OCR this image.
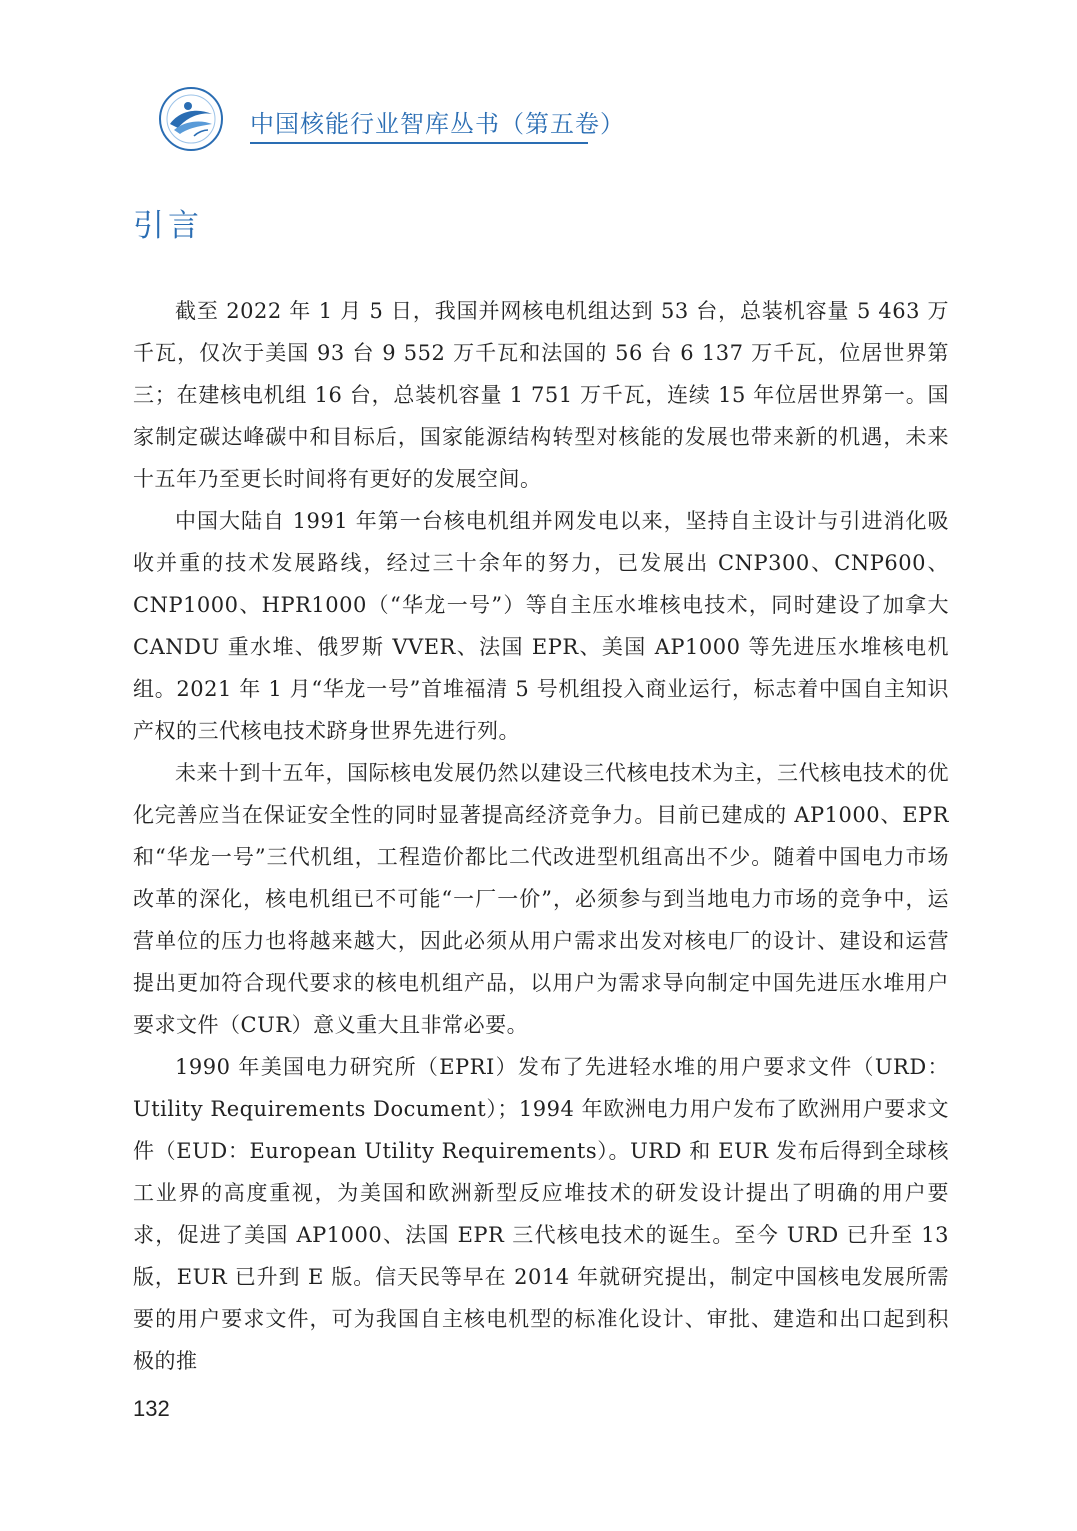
中国核能行业智库丛书（第五卷）
引言

截至 2022 年 1 月 5 日，我国并网核电机组达到 53 台，总装机容量 5 463 万千瓦，仅次于美国 93 台 9 552 万千瓦和法国的 56 台 6 137 万千瓦，位居世界第三；在建核电机组 16 台，总装机容量 1 751 万千瓦，连续 15 年位居世界第一。国家制定碳达峰碳中和目标后，国家能源结构转型对核能的发展也带来新的机遇，未来十五年乃至更长时间将有更好的发展空间。

中国大陆自 1991 年第一台核电机组并网发电以来，坚持自主设计与引进消化吸收并重的技术发展路线，经过三十余年的努力，已发展出 CNP300、CNP600、CNP1000、HPR1000（“华龙一号”）等自主压水堆核电技术，同时建设了加拿大 CANDU 重水堆、俄罗斯 VVER、法国 EPR、美国 AP1000 等先进压水堆核电机组。2021 年 1 月“华龙一号”首堆福清 5 号机组投入商业运行，标志着中国自主知识产权的三代核电技术跻身世界先进行列。

未来十到十五年，国际核电发展仍然以建设三代核电技术为主，三代核电技术的优化完善应当在保证安全性的同时显著提高经济竞争力。目前已建成的 AP1000、EPR 和“华龙一号”三代机组，工程造价都比二代改进型机组高出不少。随着中国电力市场改革的深化，核电机组已不可能“一厂一价”，必须参与到当地电力市场的竞争中，运营单位的压力也将越来越大，因此必须从用户需求出发对核电厂的设计、建设和运营提出更加符合现代要求的核电机组产品，以用户为需求导向制定中国先进压水堆用户要求文件（CUR）意义重大且非常必要。

1990 年美国电力研究所（EPRI）发布了先进轻水堆的用户要求文件（URD：Utility Requirements Document）；1994 年欧洲电力用户发布了欧洲用户要求文件（EUD：European Utility Requirements）。URD 和 EUR 发布后得到全球核工业界的高度重视，为美国和欧洲新型反应堆技术的研发设计提出了明确的用户要求，促进了美国 AP1000、法国 EPR 三代核电技术的诞生。至今 URD 已升至 13 版，EUR 已升到 E 版。信天民等早在 2014 年就研究提出，制定中国核电发展所需要的用户要求文件，可为我国自主核电机型的标准化设计、审批、建造和出口起到积极的推

132
